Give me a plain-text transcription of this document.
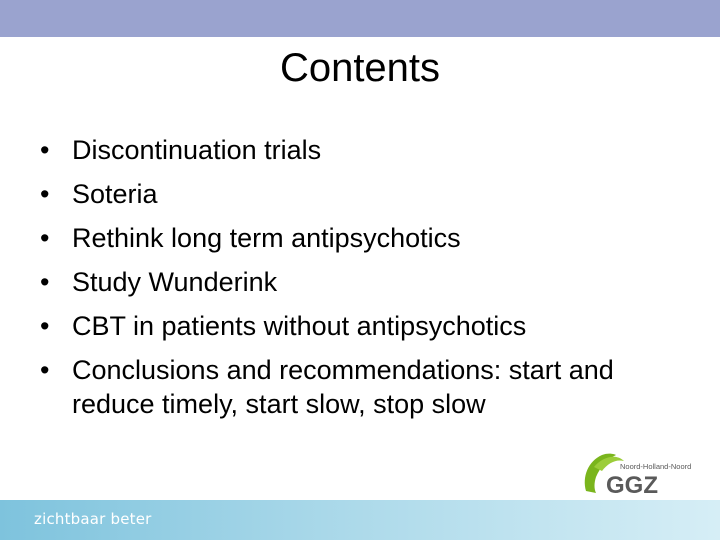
Contents
• Discontinuation trials
• Soteria
• Rethink long term antipsychotics
• Study Wunderink
• CBT in patients without antipsychotics
• Conclusions and recommendations: start and reduce timely, start slow, stop slow
Noord-Holland-Noord
GGZ
zichtbaar beter
